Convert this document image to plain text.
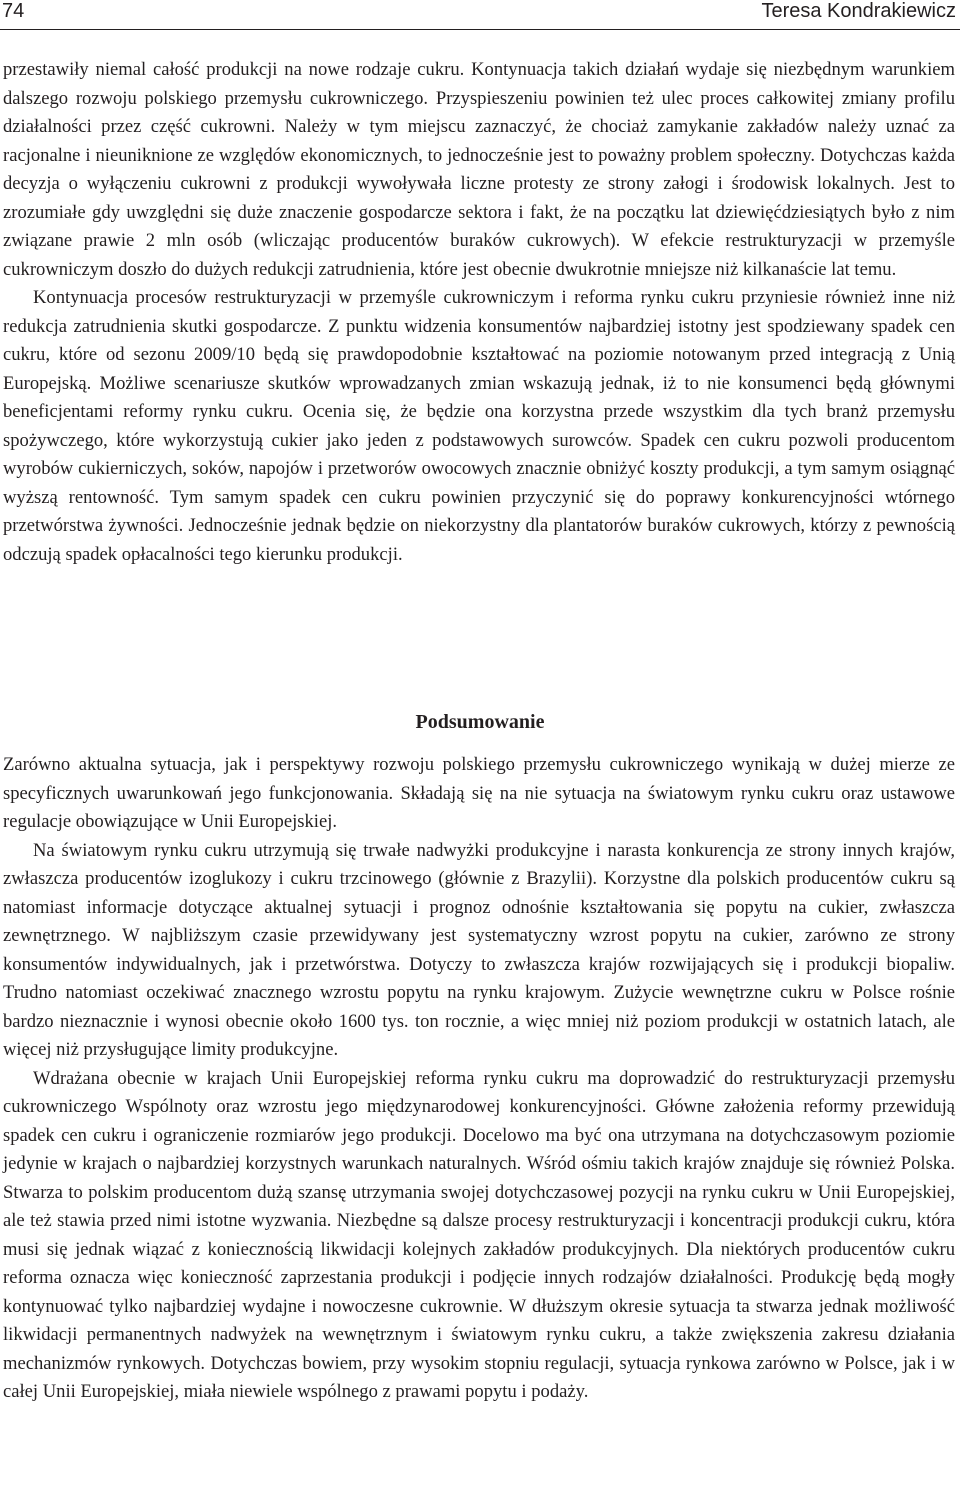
74	Teresa Kondrakiewicz

przestawiły niemal całość produkcji na nowe rodzaje cukru. Kontynuacja takich działań wydaje się niezbędnym warunkiem dalszego rozwoju polskiego przemysłu cukrowniczego. Przyspieszeniu powinien też ulec proces całkowitej zmiany profilu działalności przez część cukrowni. Należy w tym miejscu zaznaczyć, że chociaż zamykanie zakładów należy uznać za racjonalne i nieuniknione ze względów ekonomicznych, to jednocześnie jest to poważny problem społeczny. Dotychczas każda decyzja o wyłączeniu cukrowni z produkcji wywoływała liczne protesty ze strony załogi i środowisk lokalnych. Jest to zrozumiałe gdy uwzględni się duże znaczenie gospodarcze sektora i fakt, że na początku lat dziewięćdziesiątych było z nim związane prawie 2 mln osób (wliczając producentów buraków cukrowych). W efekcie restrukturyzacji w przemyśle cukrowniczym doszło do dużych redukcji zatrudnienia, które jest obecnie dwukrotnie mniejsze niż kilkanaście lat temu.

Kontynuacja procesów restrukturyzacji w przemyśle cukrowniczym i reforma rynku cukru przyniesie również inne niż redukcja zatrudnienia skutki gospodarcze. Z punktu widzenia konsumentów najbardziej istotny jest spodziewany spadek cen cukru, które od sezonu 2009/10 będą się prawdopodobnie kształtować na poziomie notowanym przed integracją z Unią Europejską. Możliwe scenariusze skutków wprowadzanych zmian wskazują jednak, iż to nie konsumenci będą głównymi beneficjentami reformy rynku cukru. Ocenia się, że będzie ona korzystna przede wszystkim dla tych branż przemysłu spożywczego, które wykorzystują cukier jako jeden z podstawowych surowców. Spadek cen cukru pozwoli producentom wyrobów cukierniczych, soków, napojów i przetworów owocowych znacznie obniżyć koszty produkcji, a tym samym osiągnąć wyższą rentowność. Tym samym spadek cen cukru powinien przyczynić się do poprawy konkurencyjności wtórnego przetwórstwa żywności. Jednocześnie jednak będzie on niekorzystny dla plantatorów buraków cukrowych, którzy z pewnością odczują spadek opłacalności tego kierunku produkcji.

Podsumowanie

Zarówno aktualna sytuacja, jak i perspektywy rozwoju polskiego przemysłu cukrowniczego wynikają w dużej mierze ze specyficznych uwarunkowań jego funkcjonowania. Składają się na nie sytuacja na światowym rynku cukru oraz ustawowe regulacje obowiązujące w Unii Europejskiej.

Na światowym rynku cukru utrzymują się trwałe nadwyżki produkcyjne i narasta konkurencja ze strony innych krajów, zwłaszcza producentów izoglukozy i cukru trzcinowego (głównie z Brazylii). Korzystne dla polskich producentów cukru są natomiast informacje dotyczące aktualnej sytuacji i prognoz odnośnie kształtowania się popytu na cukier, zwłaszcza zewnętrznego. W najbliższym czasie przewidywany jest systematyczny wzrost popytu na cukier, zarówno ze strony konsumentów indywidualnych, jak i przetwórstwa. Dotyczy to zwłaszcza krajów rozwijających się i produkcji biopaliw. Trudno natomiast oczekiwać znacznego wzrostu popytu na rynku krajowym. Zużycie wewnętrzne cukru w Polsce rośnie bardzo nieznacznie i wynosi obecnie około 1600 tys. ton rocznie, a więc mniej niż poziom produkcji w ostatnich latach, ale więcej niż przysługujące limity produkcyjne.

Wdrażana obecnie w krajach Unii Europejskiej reforma rynku cukru ma doprowadzić do restrukturyzacji przemysłu cukrowniczego Wspólnoty oraz wzrostu jego międzynarodowej konkurencyjności. Główne założenia reformy przewidują spadek cen cukru i ograniczenie rozmiarów jego produkcji. Docelowo ma być ona utrzymana na dotychczasowym poziomie jedynie w krajach o najbardziej korzystnych warunkach naturalnych. Wśród ośmiu takich krajów znajduje się również Polska. Stwarza to polskim producentom dużą szansę utrzymania swojej dotychczasowej pozycji na rynku cukru w Unii Europejskiej, ale też stawia przed nimi istotne wyzwania. Niezbędne są dalsze procesy restrukturyzacji i koncentracji produkcji cukru, która musi się jednak wiązać z koniecznością likwidacji kolejnych zakładów produkcyjnych. Dla niektórych producentów cukru reforma oznacza więc konieczność zaprzestania produkcji i podjęcie innych rodzajów działalności. Produkcję będą mogły kontynuować tylko najbardziej wydajne i nowoczesne cukrownie. W dłuższym okresie sytuacja ta stwarza jednak możliwość likwidacji permanentnych nadwyżek na wewnętrznym i światowym rynku cukru, a także zwiększenia zakresu działania mechanizmów rynkowych. Dotychczas bowiem, przy wysokim stopniu regulacji, sytuacja rynkowa zarówno w Polsce, jak i w całej Unii Europejskiej, miała niewiele wspólnego z prawami popytu i podaży.
